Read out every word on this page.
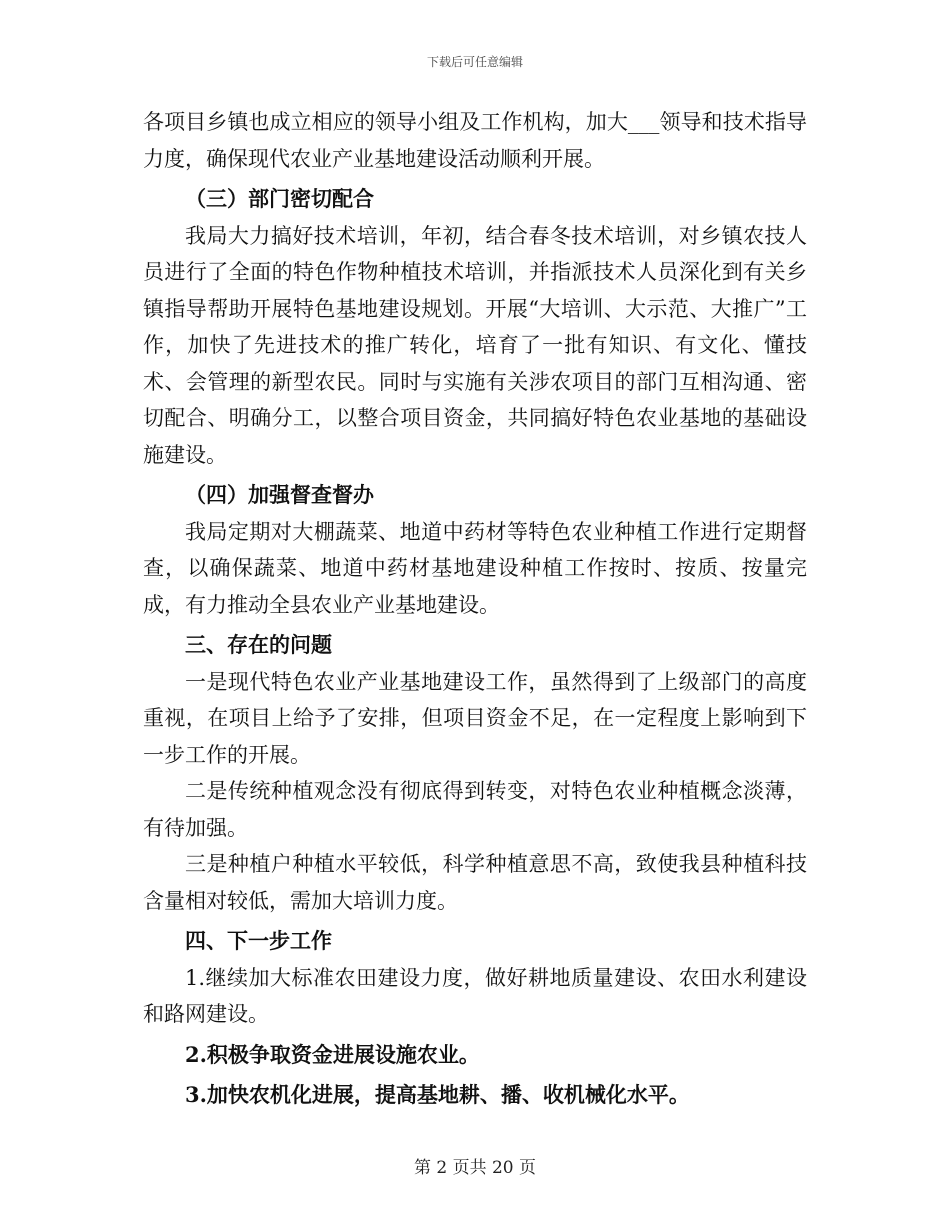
下载后可任意编辑

各项目乡镇也成立相应的领导小组及工作机构，加大___领导和技术指导力度，确保现代农业产业基地建设活动顺利开展。

（三）部门密切配合

我局大力搞好技术培训，年初，结合春冬技术培训，对乡镇农技人员进行了全面的特色作物种植技术培训，并指派技术人员深化到有关乡镇指导帮助开展特色基地建设规划。开展“大培训、大示范、大推广”工作，加快了先进技术的推广转化，培育了一批有知识、有文化、懂技术、会管理的新型农民。同时与实施有关涉农项目的部门互相沟通、密切配合、明确分工，以整合项目资金，共同搞好特色农业基地的基础设施建设。

（四）加强督查督办

我局定期对大棚蔬菜、地道中药材等特色农业种植工作进行定期督查，以确保蔬菜、地道中药材基地建设种植工作按时、按质、按量完成，有力推动全县农业产业基地建设。

三、存在的问题

一是现代特色农业产业基地建设工作，虽然得到了上级部门的高度重视，在项目上给予了安排，但项目资金不足，在一定程度上影响到下一步工作的开展。

二是传统种植观念没有彻底得到转变，对特色农业种植概念淡薄，有待加强。

三是种植户种植水平较低，科学种植意思不高，致使我县种植科技含量相对较低，需加大培训力度。

四、下一步工作

1.继续加大标准农田建设力度，做好耕地质量建设、农田水利建设和路网建设。

2.积极争取资金进展设施农业。

3.加快农机化进展，提高基地耕、播、收机械化水平。

第 2 页共 20 页
